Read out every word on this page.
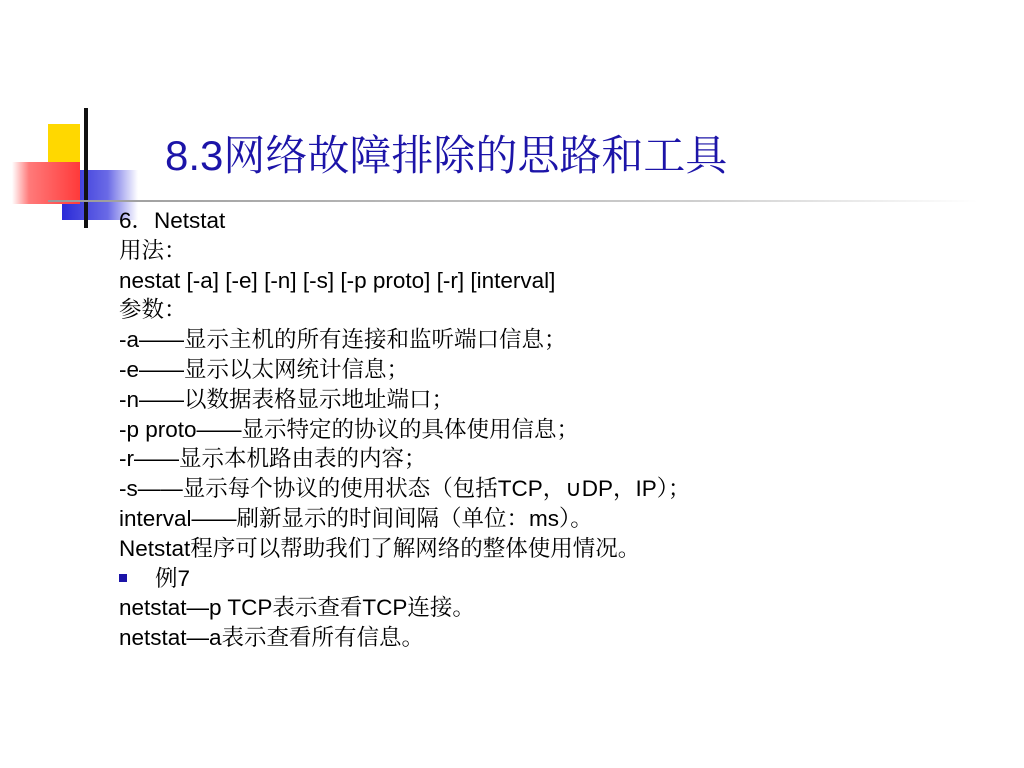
8.3网络故障排除的思路和工具
6．Netstat
用法：
nestat [-a] [-e] [-n] [-s] [-p proto] [-r] [interval]
参数：
-a——显示主机的所有连接和监听端口信息；
-e——显示以太网统计信息；
-n——以数据表格显示地址端口；
-p proto——显示特定的协议的具体使用信息；
-r——显示本机路由表的内容；
-s——显示每个协议的使用状态（包括TCP，∪DP，IP）；
interval——刷新显示的时间间隔（单位：ms）。
Netstat程序可以帮助我们了解网络的整体使用情况。
例7
netstat—p TCP表示查看TCP连接。
netstat—a表示查看所有信息。
